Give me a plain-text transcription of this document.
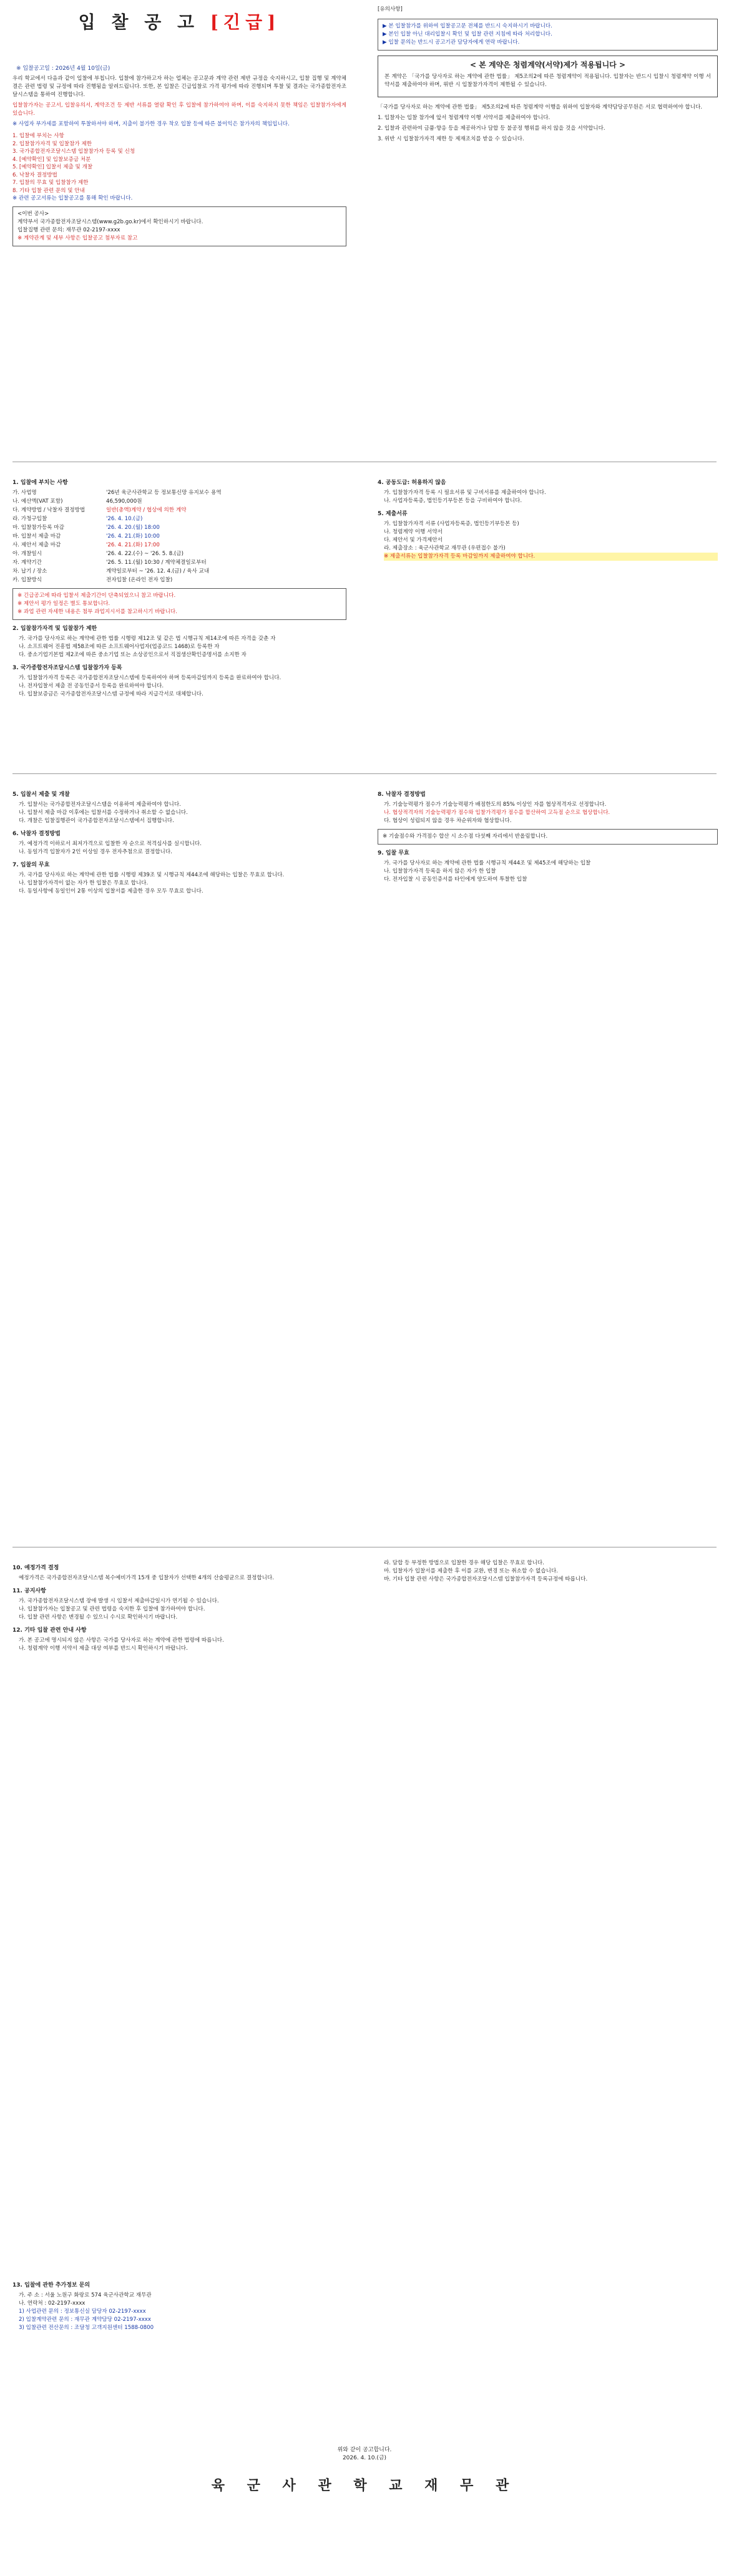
입 찰 공 고 [긴급]
※ 입찰공고일 : 2026년 4월 10일(금)

우리 학교에서 다음과 같이 입찰에 부칩니다. 입찰에 참가하고자 하는 업체는 공고문과 계약 관련 제반 규정을 숙지하시고, 입찰 집행 및 계약체결은 관련 법령 및 규정에 따라 진행됨을 알려드립니다. 또한, 본 입찰은 긴급입찰로 가격 평가에 따라 진행되며 투찰 및 결과는 국가종합전자조달시스템을 통하여 진행합니다.

입찰참가자는 공고서, 입찰유의서, 계약조건 등 제반 서류를 열람 확인 후 입찰에 참가하여야 하며, 이를 숙지하지 못한 책임은 입찰참가자에게 있습니다.

※ 사업자 부가세를 포함하여 투찰하셔야 하며, 지출이 불가한 경우 착오 입찰 등에 따른 불이익은 참가자의 책임입니다.

1. 입찰에 부치는 사항
2. 입찰참가자격 및 입찰참가 제한
3. 국가종합전자조달시스템 입찰참가자 등록 및 신청
4. [예약확인] 및 입찰보증금 처분
5. [예약확인] 입찰서 제출 및 개찰
6. 낙찰자 결정방법
7. 입찰의 무효 및 입찰참가 제한
8. 기타 입찰 관련 문의 및 안내
※ 관련 공고서류는 입찰공고를 통해 확인 바랍니다.
<이번 공사>
계약부서 국가종합전자조달시스템(www.g2b.go.kr)에서 확인하시기 바랍니다.
입찰집행 관련 문의: 재무관 02-2197-xxxx
※ 계약관계 및 세부 사항은 입찰공고 첨부자료 참고
[유의사항]
▶ 본 입찰참가를 위하여 입찰공고문 전체를 반드시 숙지하시기 바랍니다.
▶ 본인 입찰 아닌 대리입찰시 확인 및 입찰 관련 지침에 따라 처리합니다.
▶ 입찰 문의는 반드시 공고기관 담당자에게 연락 바랍니다.

< 본 계약은 청렴계약(서약)제가 적용됩니다 >

본 계약은 「국가를 당사자로 하는 계약에 관한 법률」 제5조의2에 따른 청렴계약이 적용됩니다. 입찰자는 반드시 입찰시 청렴계약 이행 서약서를 제출하여야 하며, 위반 시 입찰참가자격이 제한될 수 있습니다.

「국가를 당사자로 하는 계약에 관한 법률」 제5조의2에 따른 청렴계약 이행을 위하여 입찰자와 계약담당공무원은 서로 협력하여야 합니다.

1. 입찰자는 입찰 참가에 앞서 청렴계약 이행 서약서를 제출하여야 합니다.

2. 입찰과 관련하여 금품·향응 등을 제공하거나 담합 등 불공정 행위를 하지 않을 것을 서약합니다.

3. 위반 시 입찰참가자격 제한 등 제재조치를 받을 수 있습니다.

1. 입찰에 부치는 사항
가. 사업명	'26년 육군사관학교 등 정보통신망 유지보수 용역
나. 예산액(VAT 포함)	46,590,000원
다. 계약방법 / 낙찰자 결정방법	일반(총액)계약 / 협상에 의한 계약
라. 가청구입찰	'26. 4. 10.(금)
마. 입찰참가등록 마감	'26. 4. 20.(월) 18:00
바. 입찰서 제출 마감	'26. 4. 21.(화) 10:00
사. 제안서 제출 마감	'26. 4. 21.(화) 17:00
아. 개찰일시	'26. 4. 22.(수) ~ '26. 5. 8.(금)
자. 계약기간	'26. 5. 11.(월) 10:30 / 계약체결일로부터
차. 납기 / 장소	계약일로부터 ~ '26. 12. 4.(금) / 육사 교내
카. 입찰방식	전자입찰 (온라인 전자 입찰)
※ 긴급공고에 따라 입찰서 제출기간이 단축되었으니 참고 바랍니다.
※ 제안서 평가 일정은 별도 통보합니다.
※ 과업 관련 자세한 내용은 첨부 과업지시서를 참고하시기 바랍니다.
2. 입찰참가자격 및 입찰참가 제한
가. 국가를 당사자로 하는 계약에 관한 법률 시행령 제12조 및 같은 법 시행규칙 제14조에 따른 자격을 갖춘 자
나. 소프트웨어 진흥법 제58조에 따른 소프트웨어사업자(업종코드 1468)로 등록한 자
다. 중소기업기본법 제2조에 따른 중소기업 또는 소상공인으로서 직접생산확인증명서를 소지한 자
3. 국가종합전자조달시스템 입찰참가자 등록
가. 입찰참가자격 등록은 국가종합전자조달시스템에 등록하여야 하며 등록마감일까지 등록을 완료하여야 합니다.
나. 전자입찰서 제출 전 공동인증서 등록을 완료하여야 합니다.
다. 입찰보증금은 국가종합전자조달시스템 규정에 따라 지급각서로 대체합니다.
4. 공동도급: 허용하지 않음
가. 입찰참가자격 등록 시 필요서류 및 구비서류를 제출하여야 합니다.
나. 사업자등록증, 법인등기부등본 등을 구비하여야 합니다.
5. 제출서류
가. 입찰참가자격 서류 (사업자등록증, 법인등기부등본 등)
나. 청렴계약 이행 서약서
다. 제안서 및 가격제안서
라. 제출장소 : 육군사관학교 재무관 (우편접수 불가)
※ 제출서류는 입찰참가자격 등록 마감일까지 제출하여야 합니다.
5. 입찰서 제출 및 개찰
가. 입찰서는 국가종합전자조달시스템을 이용하여 제출하여야 합니다.
나. 입찰서 제출 마감 이후에는 입찰서를 수정하거나 취소할 수 없습니다.
다. 개찰은 입찰집행관이 국가종합전자조달시스템에서 집행합니다.
6. 낙찰자 결정방법
가. 예정가격 이하로서 최저가격으로 입찰한 자 순으로 적격심사를 실시합니다.
나. 동일가격 입찰자가 2인 이상일 경우 전자추첨으로 결정합니다.
7. 입찰의 무효
가. 국가를 당사자로 하는 계약에 관한 법률 시행령 제39조 및 시행규칙 제44조에 해당하는 입찰은 무효로 합니다.
나. 입찰참가자격이 없는 자가 한 입찰은 무효로 합니다.
다. 동일사항에 동일인이 2통 이상의 입찰서를 제출한 경우 모두 무효로 합니다.
8. 낙찰자 결정방법
가. 기술능력평가 점수가 기술능력평가 배점한도의 85% 이상인 자를 협상적격자로 선정합니다.
나. 협상적격자의 기술능력평가 점수와 입찰가격평가 점수를 합산하여 고득점 순으로 협상합니다.
다. 협상이 성립되지 않을 경우 차순위자와 협상합니다.
※ 기술점수와 가격점수 합산 시 소수점 다섯째 자리에서 반올림합니다.
9. 입찰 무효
가. 국가를 당사자로 하는 계약에 관한 법률 시행규칙 제44조 및 제45조에 해당하는 입찰
나. 입찰참가자격 등록을 하지 않은 자가 한 입찰
다. 전자입찰 시 공동인증서를 타인에게 양도하여 투찰한 입찰
10. 예정가격 결정

예정가격은 국가종합전자조달시스템 복수예비가격 15개 중 입찰자가 선택한 4개의 산술평균으로 결정합니다.

11. 공지사항
가. 국가종합전자조달시스템 장애 발생 시 입찰서 제출마감일시가 연기될 수 있습니다.
나. 입찰참가자는 입찰공고 및 관련 법령을 숙지한 후 입찰에 참가하여야 합니다.
다. 입찰 관련 사항은 변경될 수 있으니 수시로 확인하시기 바랍니다.
12. 기타 입찰 관련 안내 사항
가. 본 공고에 명시되지 않은 사항은 국가를 당사자로 하는 계약에 관한 법령에 따릅니다.
나. 청렴계약 이행 서약서 제출 대상 여부를 반드시 확인하시기 바랍니다.
라. 담합 등 부정한 방법으로 입찰한 경우 해당 입찰은 무효로 합니다.
마. 입찰자가 입찰서를 제출한 후 이를 교환, 변경 또는 취소할 수 없습니다.
바. 기타 입찰 관련 사항은 국가종합전자조달시스템 입찰참가자격 등록규정에 따릅니다.
13. 입찰에 관한 추가정보 문의
가. 주 소 : 서울 노원구 화랑로 574 육군사관학교 재무관
나. 연락처 : 02-2197-xxxx
1) 사업관련 문의 : 정보통신실 담당자 02-2197-xxxx
2) 입찰계약관련 문의 : 재무관 계약담당 02-2197-xxxx
3) 입찰관련 전산문의 : 조달청 고객지원센터 1588-0800
위와 같이 공고합니다.
2026. 4. 10.(금)
육 군 사 관 학 교 재 무 관
